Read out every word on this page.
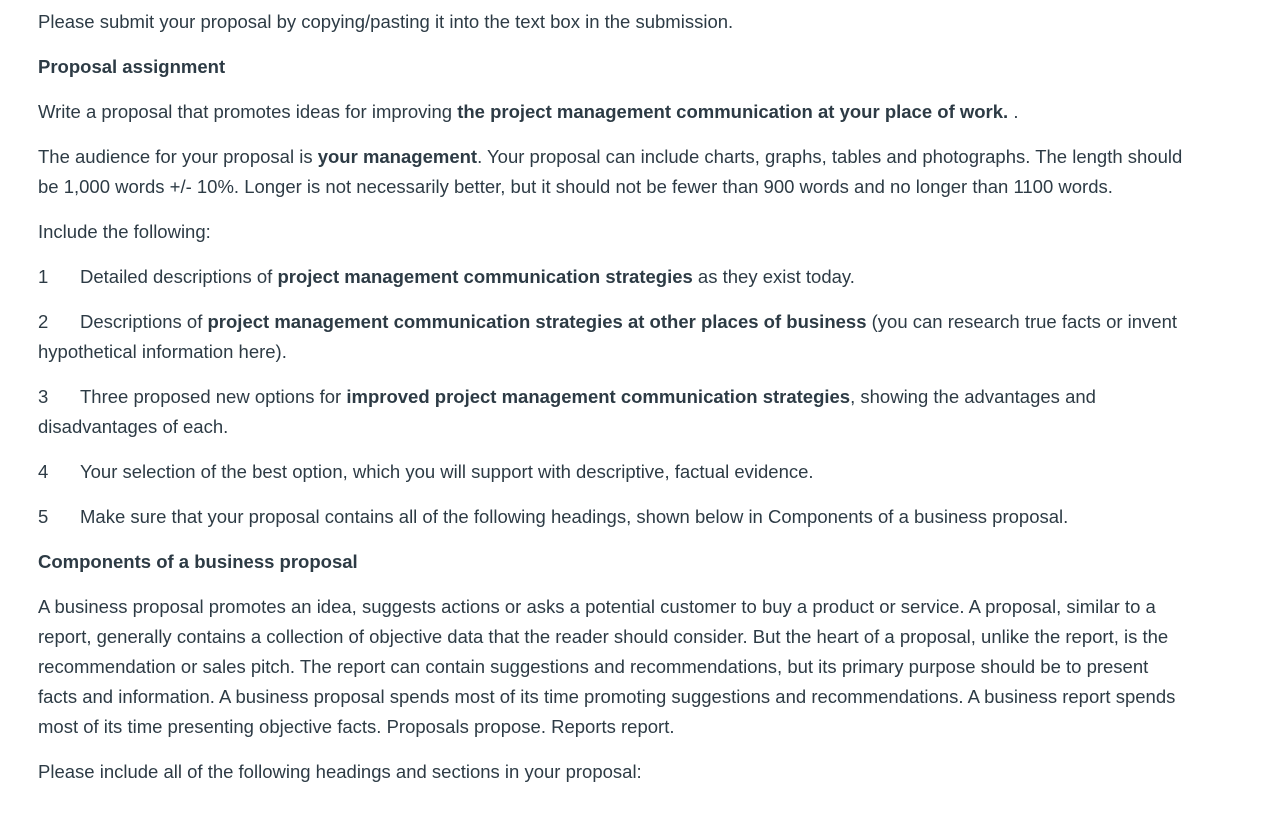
Please submit your proposal by copying/pasting it into the text box in the submission.

Proposal assignment

Write a proposal that promotes ideas for improving the project management communication at your place of work. .

The audience for your proposal is your management. Your proposal can include charts, graphs, tables and photographs. The length should be 1,000 words +/- 10%. Longer is not necessarily better, but it should not be fewer than 900 words and no longer than 1100 words.

Include the following:

1 Detailed descriptions of project management communication strategies as they exist today.

2 Descriptions of project management communication strategies at other places of business (you can research true facts or invent hypothetical information here).

3 Three proposed new options for improved project management communication strategies, showing the advantages and disadvantages of each.

4 Your selection of the best option, which you will support with descriptive, factual evidence.

5 Make sure that your proposal contains all of the following headings, shown below in Components of a business proposal.

Components of a business proposal

A business proposal promotes an idea, suggests actions or asks a potential customer to buy a product or service. A proposal, similar to a report, generally contains a collection of objective data that the reader should consider. But the heart of a proposal, unlike the report, is the recommendation or sales pitch. The report can contain suggestions and recommendations, but its primary purpose should be to present facts and information. A business proposal spends most of its time promoting suggestions and recommendations. A business report spends most of its time presenting objective facts. Proposals propose. Reports report.

Please include all of the following headings and sections in your proposal:
